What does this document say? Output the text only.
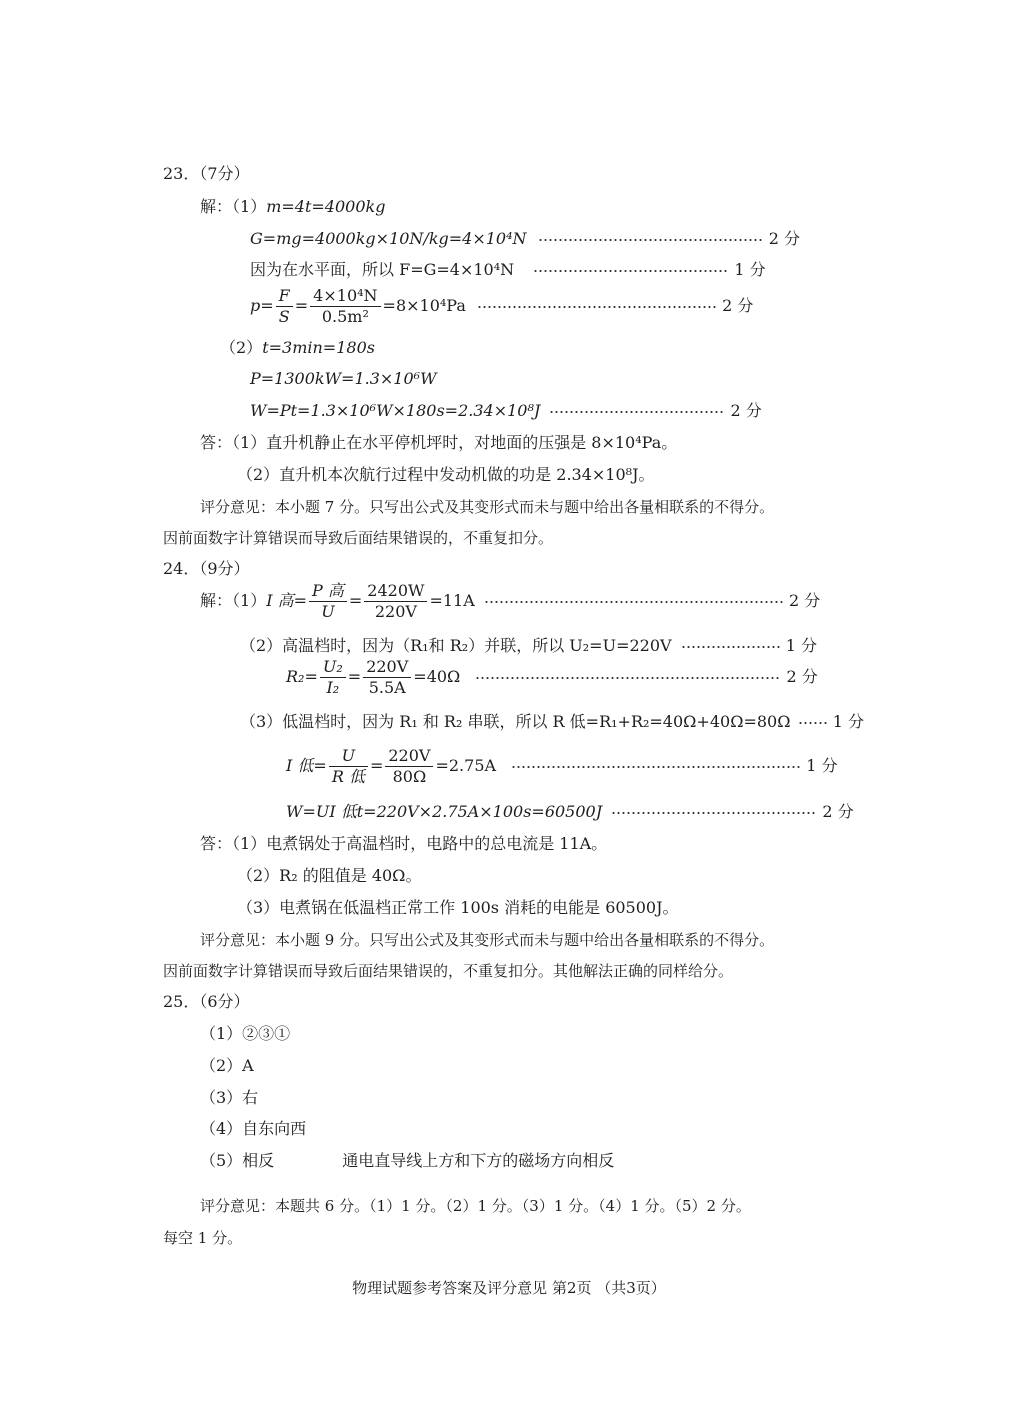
23．（7分）
解：（1）m=4t=4000kg
G=mg=4000kg×10N/kg=4×10⁴N	2 分
因为在水平面，所以 F=G=4×10⁴N	1 分
$p= \frac{F}{S} = \frac{\text{4×10⁴N}}{\text{0.5m²}} =8\times 10^4Pa$	2 分
（2）t=3min=180s
P=1300kW=1.3×10⁶W
W=Pt=1.3×10⁶W×180s=2.34×10⁸J	2 分
答：（1）直升机静止在水平停机坪时，对地面的压强是 8×10⁴Pa。
（2）直升机本次航行过程中发动机做的功是 2.34×10⁸J。
评分意见：本小题 7 分。只写出公式及其变形式而未与题中给出各量相联系的不得分。
因前面数字计算错误而导致后面结果错误的，不重复扣分。
24．（9分）
解：（1）I 高= $\frac{\text{P 高}}{U} = \frac{2420W}{220V} =11A$	2 分
（2）高温档时，因为（R₁和 R₂）并联，所以 U₂=U=220V	1 分
$R_2= \frac{\text{U₂}}{\text{I₂}} = \frac{220V}{5.5A} =40\Omega$	2 分
（3）低温档时，因为 R₁ 和 R₂ 串联，所以 R 低=R₁+R₂=40Ω+40Ω=80Ω	1 分
I 低= $\frac{U}{\text{R 低}} = \frac{220V}{80\Omega} =2.75A$	1 分
W=UI 低t=220V×2.75A×100s=60500J	2 分
答：（1）电煮锅处于高温档时，电路中的总电流是 11A。
（2）R₂ 的阻值是 40Ω。
（3）电煮锅在低温档正常工作 100s 消耗的电能是 60500J。
评分意见：本小题 9 分。只写出公式及其变形式而未与题中给出各量相联系的不得分。
因前面数字计算错误而导致后面结果错误的，不重复扣分。其他解法正确的同样给分。
25．（6分）
（1）②③①
（2）A
（3）右
（4）自东向西
（5）相反	通电直导线上方和下方的磁场方向相反
评分意见：本题共 6 分。（1）1 分。（2）1 分。（3）1 分。（4）1 分。（5）2 分。
每空 1 分。
物理试题参考答案及评分意见 第2页 （共3页）
